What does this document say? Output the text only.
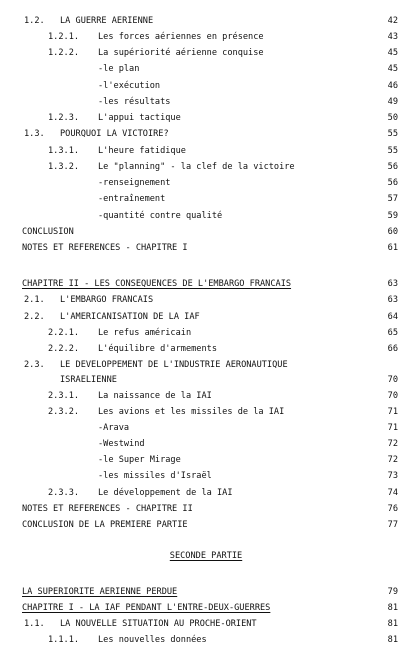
1.2. LA GUERRE AERIENNE	42
1.2.1. Les forces aériennes en présence	43
1.2.2. La supériorité aérienne conquise	45
-le plan	45
-l'exécution	46
-les résultats	49
1.2.3. L'appui tactique	50
1.3. POURQUOI LA VICTOIRE?	55
1.3.1. L'heure fatidique	55
1.3.2. Le "planning" - la clef de la victoire	56
-renseignement	56
-entraînement	57
-quantité contre qualité	59
CONCLUSION	60
NOTES ET REFERENCES - CHAPITRE I	61
CHAPITRE II - LES CONSEQUENCES DE L'EMBARGO FRANCAIS	63
2.1. L'EMBARGO FRANCAIS	63
2.2. L'AMERICANISATION DE LA IAF	64
2.2.1. Le refus américain	65
2.2.2. L'équilibre d'armements	66
2.3. LE DEVELOPPEMENT DE L'INDUSTRIE AERONAUTIQUE
ISRAELIENNE	70
2.3.1. La naissance de la IAI	70
2.3.2. Les avions et les missiles de la IAI	71
-Arava	71
-Westwind	72
-le Super Mirage	72
-les missiles d'Israël	73
2.3.3. Le développement de la IAI	74
NOTES ET REFERENCES - CHAPITRE II	76
CONCLUSION DE LA PREMIERE PARTIE	77
SECONDE PARTIE
LA SUPERIORITE AERIENNE PERDUE	79
CHAPITRE I - LA IAF PENDANT L'ENTRE-DEUX-GUERRES	81
1.1. LA NOUVELLE SITUATION AU PROCHE-ORIENT	81
1.1.1. Les nouvelles données	81
